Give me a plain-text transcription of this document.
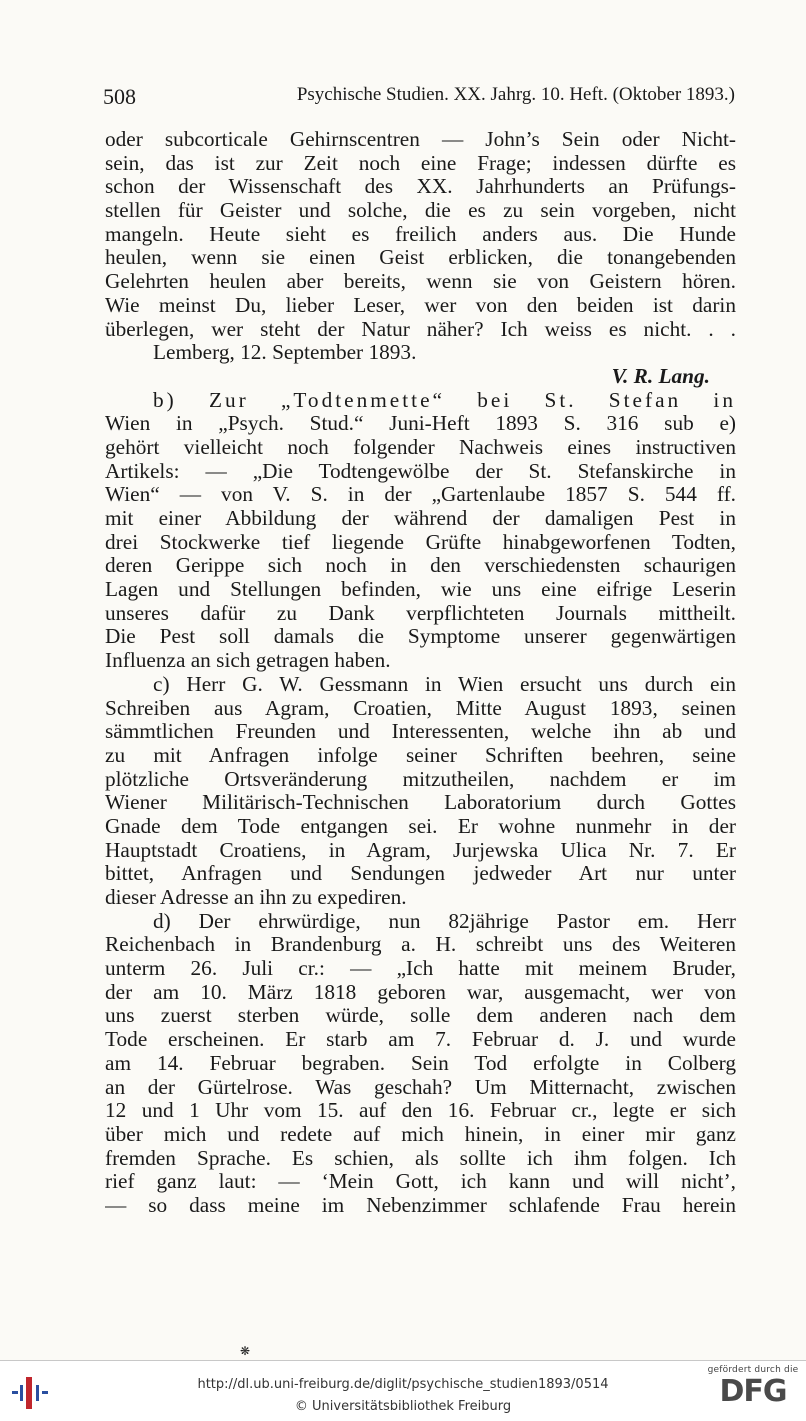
508	Psychische Studien. XX. Jahrg. 10. Heft. (Oktober 1893.)
oder subcorticale Gehirnscentren — John’s Sein oder Nicht-
sein, das ist zur Zeit noch eine Frage; indessen dürfte es
schon der Wissenschaft des XX. Jahrhunderts an Prüfungs-
stellen für Geister und solche, die es zu sein vorgeben, nicht
mangeln. Heute sieht es freilich anders aus. Die Hunde
heulen, wenn sie einen Geist erblicken, die tonangebenden
Gelehrten heulen aber bereits, wenn sie von Geistern hören.
Wie meinst Du, lieber Leser, wer von den beiden ist darin
überlegen, wer steht der Natur näher? Ich weiss es nicht. . .
Lemberg, 12. September 1893.
V. R. Lang.
b) Zur „Todtenmette“ bei St. Stefan in
Wien in „Psych. Stud.“ Juni-Heft 1893 S. 316 sub e)
gehört vielleicht noch folgender Nachweis eines instructiven
Artikels: — „Die Todtengewölbe der St. Stefanskirche in
Wien“ — von V. S. in der „Gartenlaube 1857 S. 544 ff.
mit einer Abbildung der während der damaligen Pest in
drei Stockwerke tief liegende Grüfte hinabgeworfenen Todten,
deren Gerippe sich noch in den verschiedensten schaurigen
Lagen und Stellungen befinden, wie uns eine eifrige Leserin
unseres dafür zu Dank verpflichteten Journals mittheilt.
Die Pest soll damals die Symptome unserer gegenwärtigen
Influenza an sich getragen haben.
c) Herr G. W. Gessmann in Wien ersucht uns durch ein
Schreiben aus Agram, Croatien, Mitte August 1893, seinen
sämmtlichen Freunden und Interessenten, welche ihn ab und
zu mit Anfragen infolge seiner Schriften beehren, seine
plötzliche Ortsveränderung mitzutheilen, nachdem er im
Wiener Militärisch-Technischen Laboratorium durch Gottes
Gnade dem Tode entgangen sei. Er wohne nunmehr in der
Hauptstadt Croatiens, in Agram, Jurjewska Ulica Nr. 7. Er
bittet, Anfragen und Sendungen jedweder Art nur unter
dieser Adresse an ihn zu expediren.
d) Der ehrwürdige, nun 82jährige Pastor em. Herr
Reichenbach in Brandenburg a. H. schreibt uns des Weiteren
unterm 26. Juli cr.: — „Ich hatte mit meinem Bruder,
der am 10. März 1818 geboren war, ausgemacht, wer von
uns zuerst sterben würde, solle dem anderen nach dem
Tode erscheinen. Er starb am 7. Februar d. J. und wurde
am 14. Februar begraben. Sein Tod erfolgte in Colberg
an der Gürtelrose. Was geschah? Um Mitternacht, zwischen
12 und 1 Uhr vom 15. auf den 16. Februar cr., legte er sich
über mich und redete auf mich hinein, in einer mir ganz
fremden Sprache. Es schien, als sollte ich ihm folgen. Ich
rief ganz laut: — ‘Mein Gott, ich kann und will nicht’,
— so dass meine im Nebenzimmer schlafende Frau herein
❋
http://dl.ub.uni-freiburg.de/diglit/psychische_studien1893/0514
© Universitätsbibliothek Freiburg
gefördert durch die
DFG
